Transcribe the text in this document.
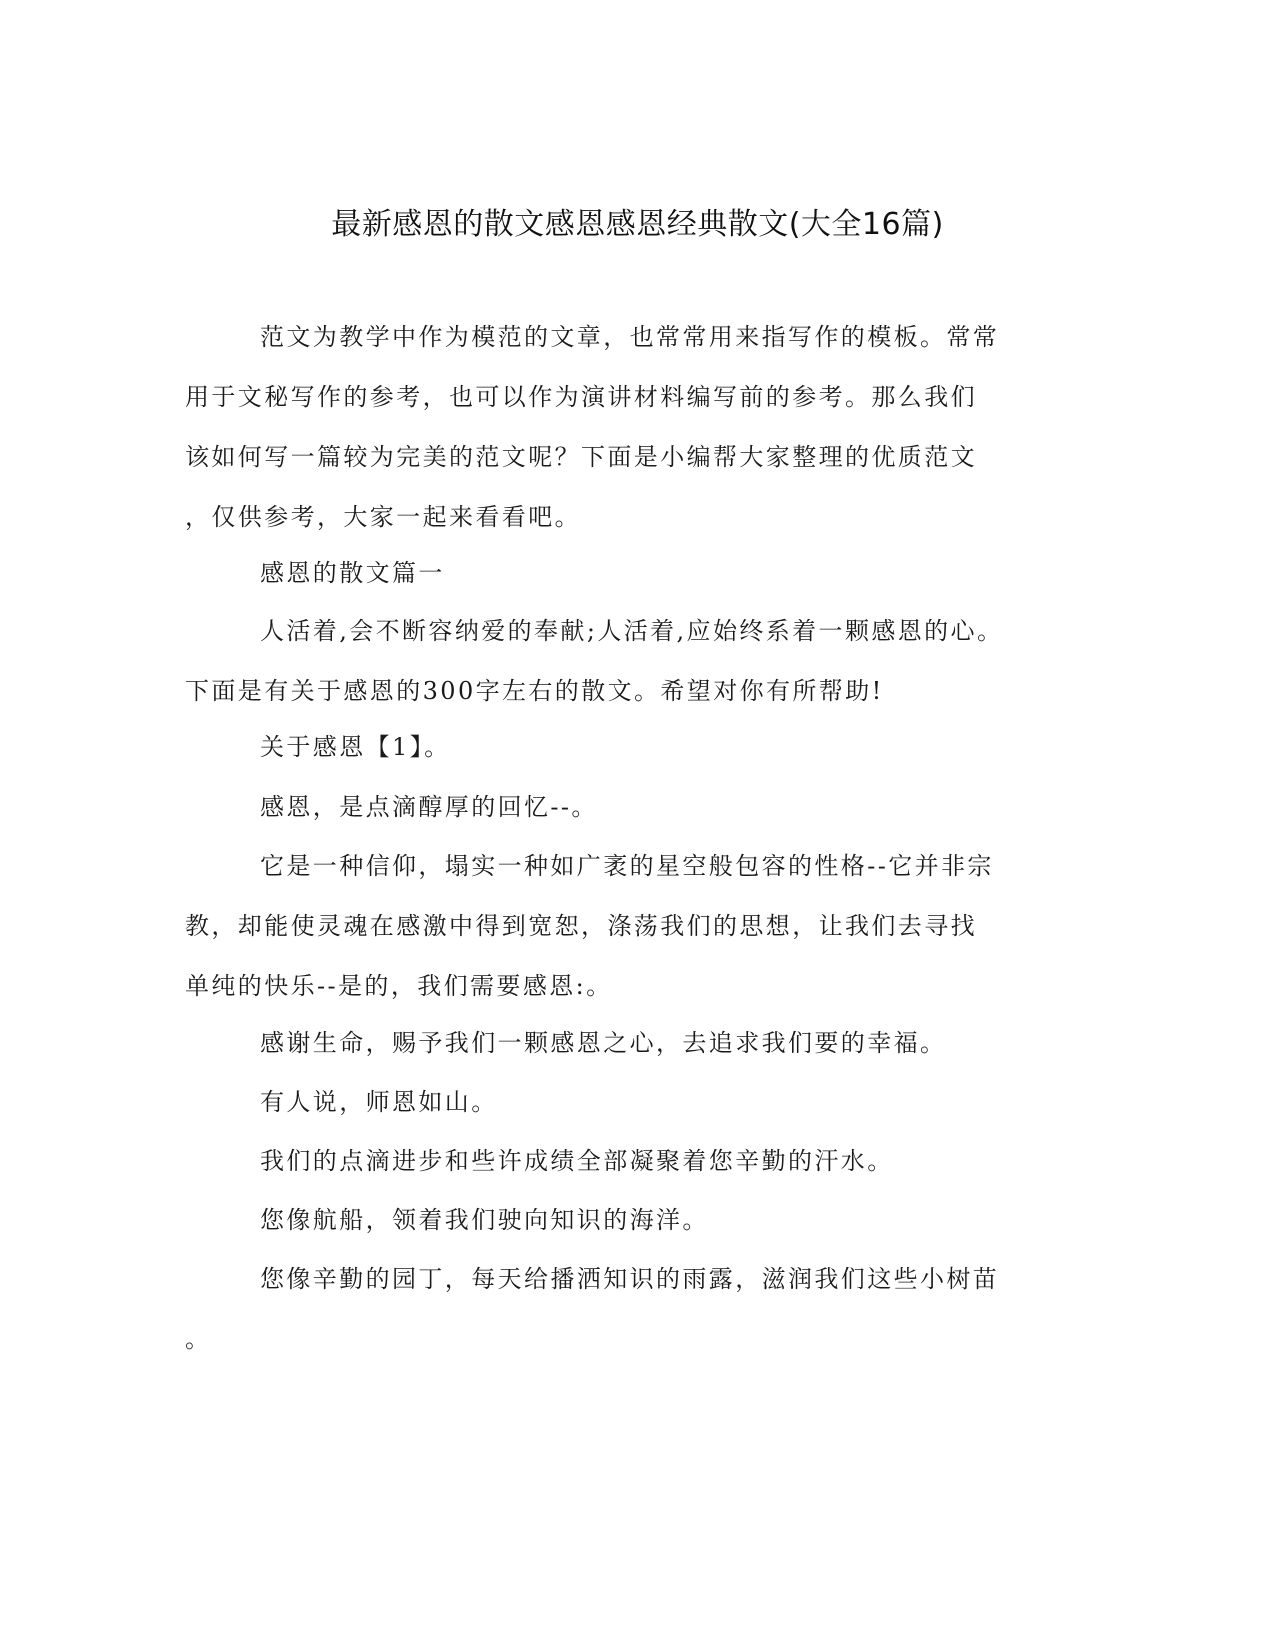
最新感恩的散文感恩感恩经典散文(大全16篇)
范文为教学中作为模范的文章，也常常用来指写作的模板。常常
用于文秘写作的参考，也可以作为演讲材料编写前的参考。那么我们
该如何写一篇较为完美的范文呢？下面是小编帮大家整理的优质范文
，仅供参考，大家一起来看看吧。
感恩的散文篇一
人活着,会不断容纳爱的奉献;人活着,应始终系着一颗感恩的心。
下面是有关于感恩的300字左右的散文。希望对你有所帮助!
关于感恩【1】。
感恩，是点滴醇厚的回忆--。
它是一种信仰，塌实一种如广袤的星空般包容的性格--它并非宗
教，却能使灵魂在感激中得到宽恕，涤荡我们的思想，让我们去寻找
单纯的快乐--是的，我们需要感恩:。
感谢生命，赐予我们一颗感恩之心，去追求我们要的幸福。
有人说，师恩如山。
我们的点滴进步和些许成绩全部凝聚着您辛勤的汗水。
您像航船，领着我们驶向知识的海洋。
您像辛勤的园丁，每天给播洒知识的雨露，滋润我们这些小树苗
。
